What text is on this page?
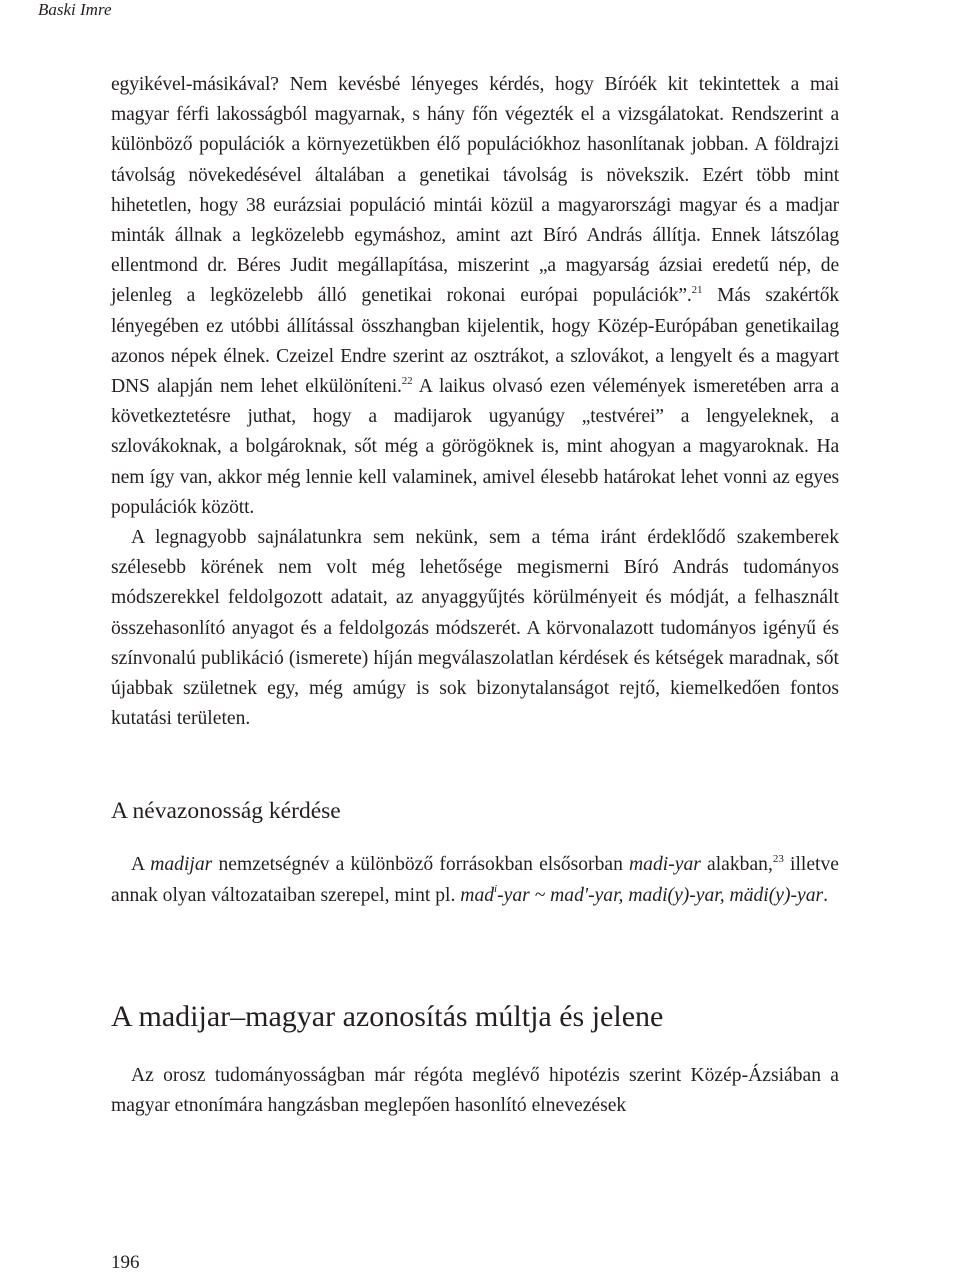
Baski Imre

egyikével-másikával? Nem kevésbé lényeges kérdés, hogy Bíróék kit tekintettek a mai magyar férfi lakosságból magyarnak, s hány főn végezték el a vizsgálatokat. Rendszerint a különböző populációk a környezetükben élő populációkhoz hasonlítanak jobban. A földrajzi távolság növekedésével általában a genetikai távolság is növekszik. Ezért több mint hihetetlen, hogy 38 eurázsiai populáció mintái közül a magyarországi magyar és a madjar minták állnak a legközelebb egymáshoz, amint azt Bíró András állítja. Ennek látszólag ellentmond dr. Béres Judit megállapítása, miszerint „a magyarság ázsiai eredetű nép, de jelenleg a legközelebb álló genetikai rokonai európai populációk”.$^{21}$ Más szakértők lényegében ez utóbbi állítással összhangban kijelentik, hogy Közép-Európában genetikailag azonos népek élnek. Czeizel Endre szerint az osztrákot, a szlovákot, a lengyelt és a magyart DNS alapján nem lehet elkülöníteni.$^{22}$ A laikus olvasó ezen vélemények ismeretében arra a következtetésre juthat, hogy a madijarok ugyanúgy „testvérei” a lengyeleknek, a szlovákoknak, a bolgároknak, sőt még a görögöknek is, mint ahogyan a magyaroknak. Ha nem így van, akkor még lennie kell valaminek, amivel élesebb határokat lehet vonni az egyes populációk között.

A legnagyobb sajnálatunkra sem nekünk, sem a téma iránt érdeklődő szakemberek szélesebb körének nem volt még lehetősége megismerni Bíró András tudományos módszerekkel feldolgozott adatait, az anyaggyűjtés körülményeit és módját, a felhasznált összehasonlító anyagot és a feldolgozás módszerét. A körvonalazott tudományos igényű és színvonalú publikáció (ismerete) híján megválaszolatlan kérdések és kétségek maradnak, sőt újabbak születnek egy, még amúgy is sok bizonytalanságot rejtő, kiemelkedően fontos kutatási területen.

A névazonosság kérdése

A madijar nemzetségnév a különböző forrásokban elsősorban madi-yar alakban,$^{23}$ illetve annak olyan változataiban szerepel, mint pl. mad$^i$-yar ~ mad'-yar, madi(y)-yar, mädi(y)-yar.

A madijar–magyar azonosítás múltja és jelene

Az orosz tudományosságban már régóta meglévő hipotézis szerint Közép-Ázsiában a magyar etnonímára hangzásban meglepően hasonlító elnevezések

196
